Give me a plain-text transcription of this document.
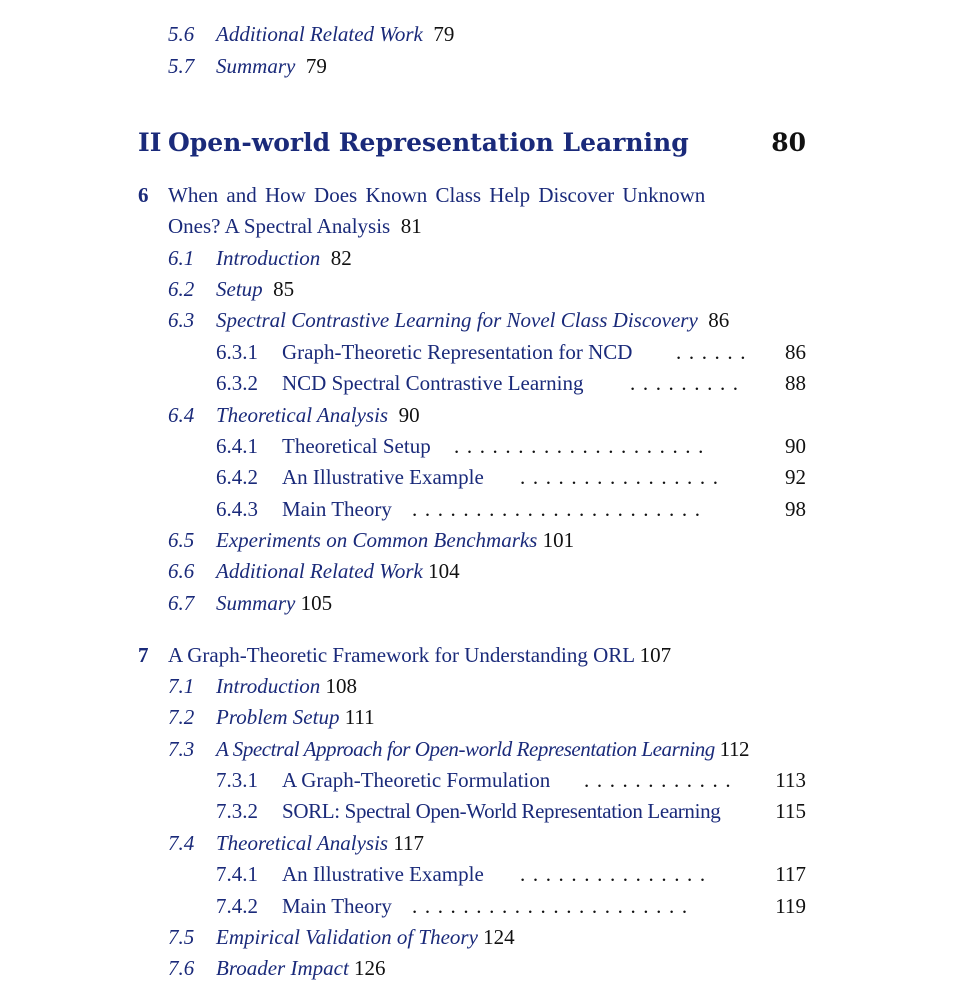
5.6 Additional Related Work 79
5.7 Summary 79
II Open-world Representation Learning	80
6 When and How Does Known Class Help Discover Unknown
Ones? A Spectral Analysis 81
6.1 Introduction 82
6.2 Setup 85
6.3 Spectral Contrastive Learning for Novel Class Discovery 86
6.3.1 Graph-Theoretic Representation for NCD ...... 86
6.3.2 NCD Spectral Contrastive Learning ......... 88
6.4 Theoretical Analysis 90
6.4.1 Theoretical Setup ....................	90
6.4.2 An Illustrative Example ................	92
6.4.3 Main Theory .......................	98
6.5 Experiments on Common Benchmarks 101
6.6 Additional Related Work 104
6.7 Summary 105
7 A Graph-Theoretic Framework for Understanding ORL 107
7.1 Introduction 108
7.2 Problem Setup 111
7.3 A Spectral Approach for Open-world Representation Learning 112
7.3.1 A Graph-Theoretic Formulation ............ 113
7.3.2 SORL: Spectral Open-World Representation Learning	115
7.4 Theoretical Analysis 117
7.4.1 An Illustrative Example ...............	117
7.4.2 Main Theory ......................	119
7.5 Empirical Validation of Theory 124
7.6 Broader Impact 126
